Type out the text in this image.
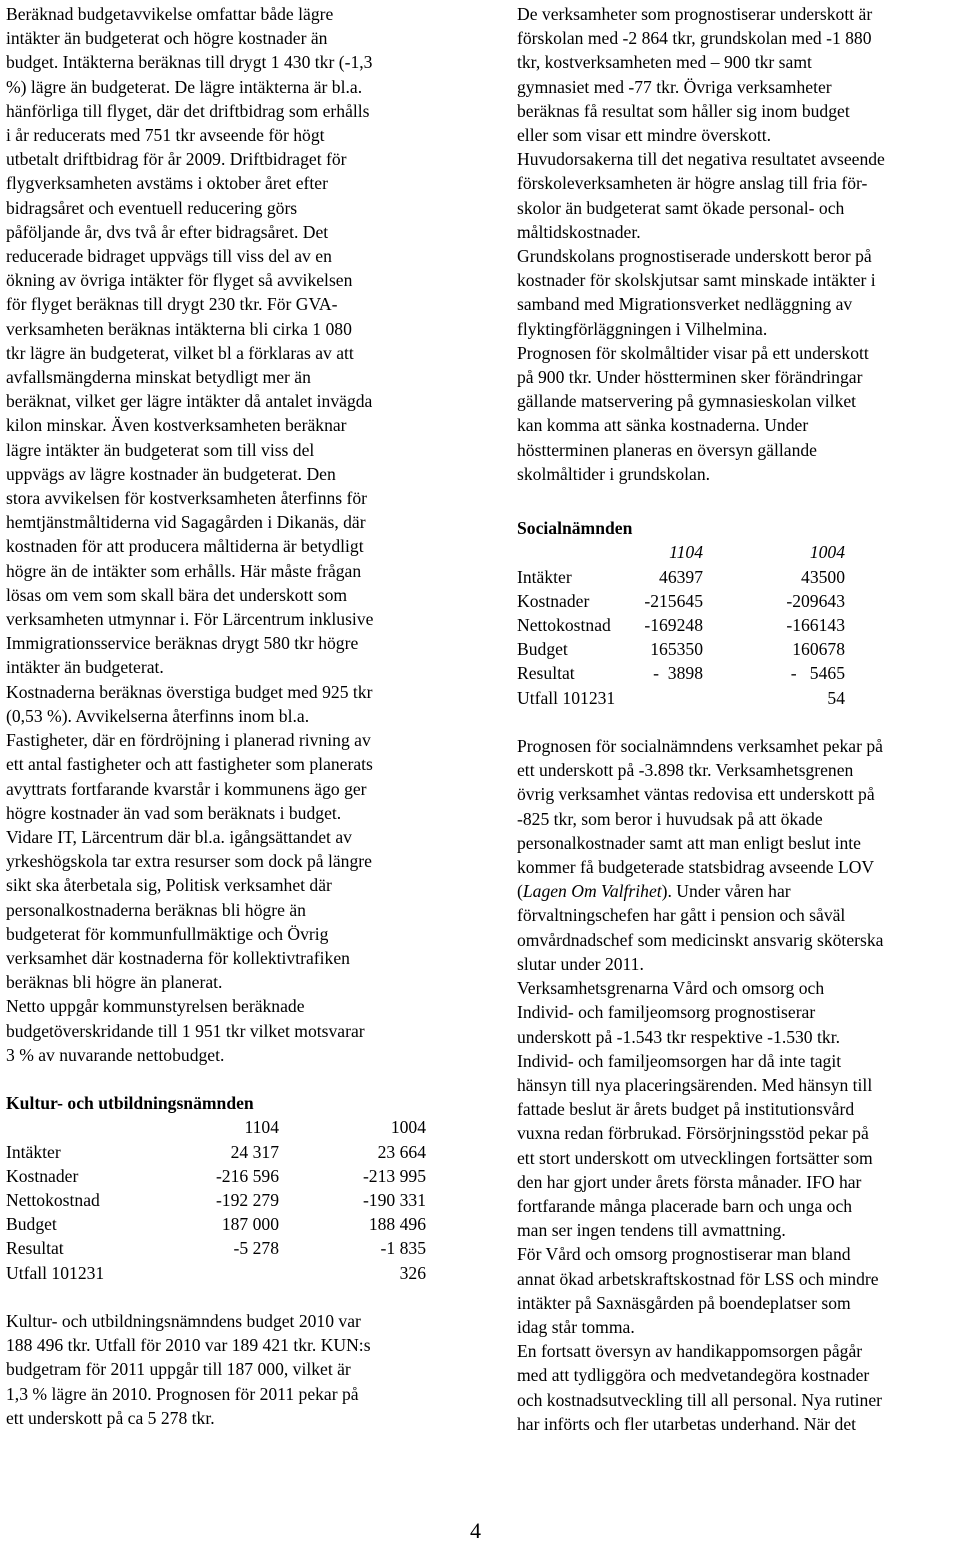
Beräknad budgetavvikelse omfattar både lägre
intäkter än budgeterat och högre kostnader än
budget. Intäkterna beräknas till drygt 1 430 tkr (-1,3
%) lägre än budgeterat. De lägre intäkterna är bl.a.
hänförliga till flyget, där det driftbidrag som erhålls
i år reducerats med 751 tkr avseende för högt
utbetalt driftbidrag för år 2009. Driftbidraget för
flygverksamheten avstäms i oktober året efter
bidragsåret och eventuell reducering görs
påföljande år, dvs två år efter bidragsåret. Det
reducerade bidraget uppvägs till viss del av en
ökning av övriga intäkter för flyget så avvikelsen
för flyget beräknas till drygt 230 tkr. För GVA-
verksamheten beräknas intäkterna bli cirka 1 080
tkr lägre än budgeterat, vilket bl a förklaras av att
avfallsmängderna minskat betydligt mer än
beräknat, vilket ger lägre intäkter då antalet invägda
kilon minskar. Även kostverksamheten beräknar
lägre intäkter än budgeterat som till viss del
uppvägs av lägre kostnader än budgeterat. Den
stora avvikelsen för kostverksamheten återfinns för
hemtjänstmåltiderna vid Sagagården i Dikanäs, där
kostnaden för att producera måltiderna är betydligt
högre än de intäkter som erhålls. Här måste frågan
lösas om vem som skall bära det underskott som
verksamheten utmynnar i. För Lärcentrum inklusive
Immigrationsservice beräknas drygt 580 tkr högre
intäkter än budgeterat.
Kostnaderna beräknas överstiga budget med 925 tkr
(0,53 %). Avvikelserna återfinns inom bl.a.
Fastigheter, där en fördröjning i planerad rivning av
ett antal fastigheter och att fastigheter som planerats
avyttrats fortfarande kvarstår i kommunens ägo ger
högre kostnader än vad som beräknats i budget.
Vidare IT, Lärcentrum där bl.a. igångsättandet av
yrkeshögskola tar extra resurser som dock på längre
sikt ska återbetala sig, Politisk verksamhet där
personalkostnaderna beräknas bli högre än
budgeterat för kommunfullmäktige och Övrig
verksamhet där kostnaderna för kollektivtrafiken
beräknas bli högre än planerat.
Netto uppgår kommunstyrelsen beräknade
budgetöverskridande till 1 951 tkr vilket motsvarar
3 % av nuvarande nettobudget.
Kultur- och utbildningsnämnden
	1104	1004
Intäkter	24 317	23 664
Kostnader	-216 596	-213 995
Nettokostnad	-192 279	-190 331
Budget	187 000	188 496
Resultat	-5 278	-1 835
Utfall 101231		326
Kultur- och utbildningsnämndens budget 2010 var
188 496 tkr. Utfall för 2010 var 189 421 tkr. KUN:s
budgetram för 2011 uppgår till 187 000, vilket är
1,3 % lägre än 2010. Prognosen för 2011 pekar på
ett underskott på ca 5 278 tkr.
De verksamheter som prognostiserar underskott är
förskolan med -2 864 tkr, grundskolan med -1 880
tkr, kostverksamheten med – 900 tkr samt
gymnasiet med -77 tkr. Övriga verksamheter
beräknas få resultat som håller sig inom budget
eller som visar ett mindre överskott.
Huvudorsakerna till det negativa resultatet avseende
förskoleverksamheten är högre anslag till fria för-
skolor än budgeterat samt ökade personal- och
måltidskostnader.
Grundskolans prognostiserade underskott beror på
kostnader för skolskjutsar samt minskade intäkter i
samband med Migrationsverket nedläggning av
flyktingförläggningen i Vilhelmina.
Prognosen för skolmåltider visar på ett underskott
på 900 tkr. Under höstterminen sker förändringar
gällande matservering på gymnasieskolan vilket
kan komma att sänka kostnaderna. Under
höstterminen planeras en översyn gällande
skolmåltider i grundskolan.
Socialnämnden
	1104	1004
Intäkter	46397	43500
Kostnader	-215645	-209643
Nettokostnad	-169248	-166143
Budget	165350	160678
Resultat	-  3898	-   5465
Utfall 101231		54
Prognosen för socialnämndens verksamhet pekar på
ett underskott på -3.898 tkr. Verksamhetsgrenen
övrig verksamhet väntas redovisa ett underskott på
-825 tkr, som beror i huvudsak på att ökade
personalkostnader samt att man enligt beslut inte
kommer få budgeterade statsbidrag avseende LOV
(Lagen Om Valfrihet). Under våren har
förvaltningschefen har gått i pension och såväl
omvårdnadschef som medicinskt ansvarig sköterska
slutar under 2011.
Verksamhetsgrenarna Vård och omsorg och
Individ- och familjeomsorg prognostiserar
underskott på -1.543 tkr respektive -1.530 tkr.
Individ- och familjeomsorgen har då inte tagit
hänsyn till nya placeringsärenden. Med hänsyn till
fattade beslut är årets budget på institutionsvård
vuxna redan förbrukad. Försörjningsstöd pekar på
ett stort underskott om utvecklingen fortsätter som
den har gjort under årets första månader. IFO har
fortfarande många placerade barn och unga och
man ser ingen tendens till avmattning.
För Vård och omsorg prognostiserar man bland
annat ökad arbetskraftskostnad för LSS och mindre
intäkter på Saxnäsgården på boendeplatser som
idag står tomma.
En fortsatt översyn av handikappomsorgen pågår
med att tydliggöra och medvetandegöra kostnader
och kostnadsutveckling till all personal. Nya rutiner
har införts och fler utarbetas underhand. När det
4
